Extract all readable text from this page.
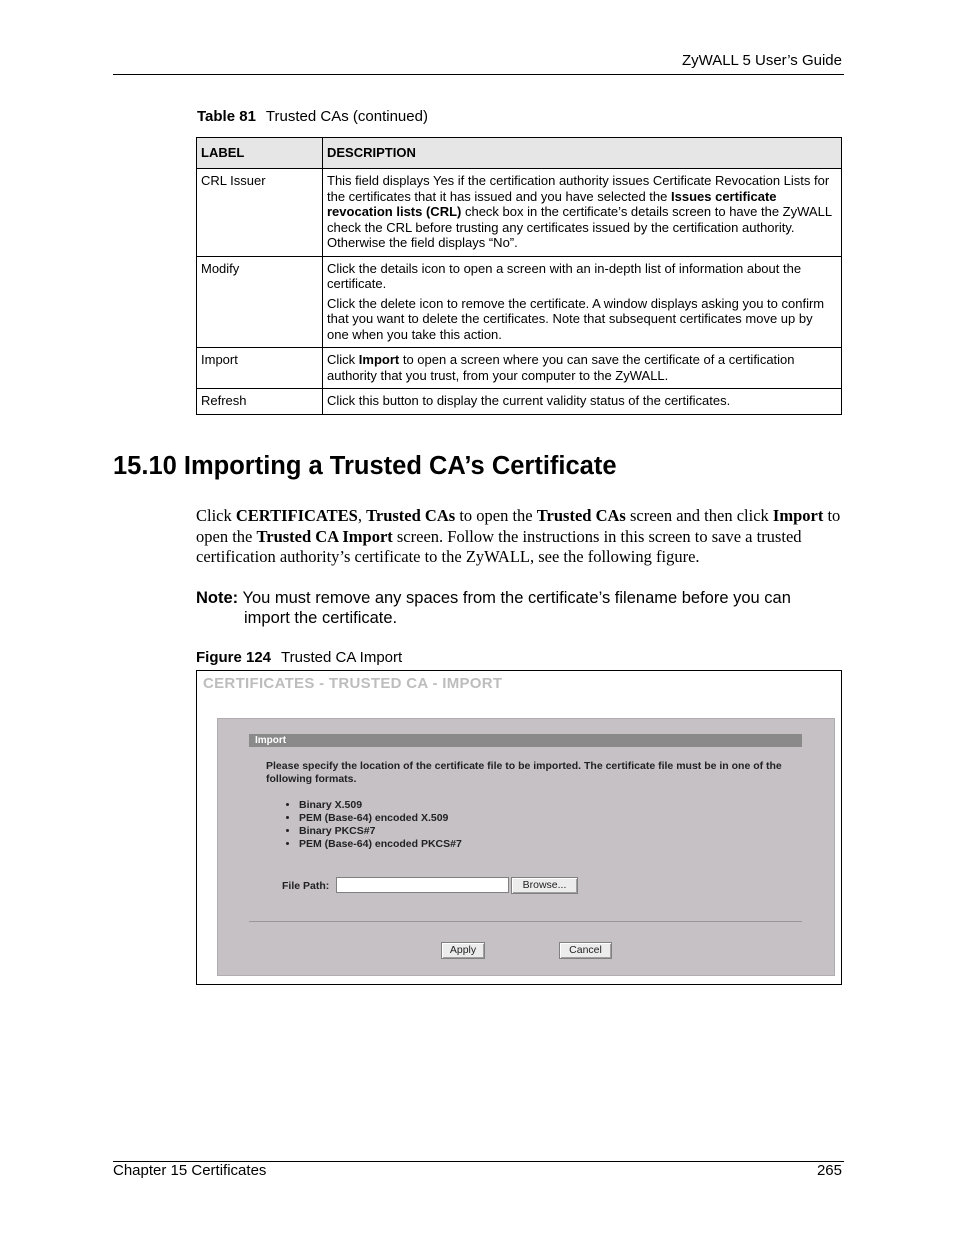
ZyWALL 5 User’s Guide
Table 81 Trusted CAs (continued)
LABEL	DESCRIPTION
CRL Issuer	This field displays Yes if the certification authority issues Certificate Revocation Lists for the certificates that it has issued and you have selected the Issues certificate revocation lists (CRL) check box in the certificate’s details screen to have the ZyWALL check the CRL before trusting any certificates issued by the certification authority. Otherwise the field displays “No”.
Modify	Click the details icon to open a screen with an in-depth list of information about the certificate.

Click the delete icon to remove the certificate. A window displays asking you to confirm that you want to delete the certificates. Note that subsequent certificates move up by one when you take this action.

Import	Click Import to open a screen where you can save the certificate of a certification authority that you trust, from your computer to the ZyWALL.
Refresh	Click this button to display the current validity status of the certificates.
15.10 Importing a Trusted CA’s Certificate
Click CERTIFICATES, Trusted CAs to open the Trusted CAs screen and then click Import to open the Trusted CA Import screen. Follow the instructions in this screen to save a trusted certification authority’s certificate to the ZyWALL, see the following figure.
Note: You must remove any spaces from the certificate’s filename before you can import the certificate.
Figure 124 Trusted CA Import
CERTIFICATES - TRUSTED CA - IMPORT
Import
Please specify the location of the certificate file to be imported. The certificate file must be in one of the following formats.
• Binary X.509
• PEM (Base-64) encoded X.509
• Binary PKCS#7
• PEM (Base-64) encoded PKCS#7
File Path:	Browse...
Apply	Cancel
Chapter 15 Certificates	265
